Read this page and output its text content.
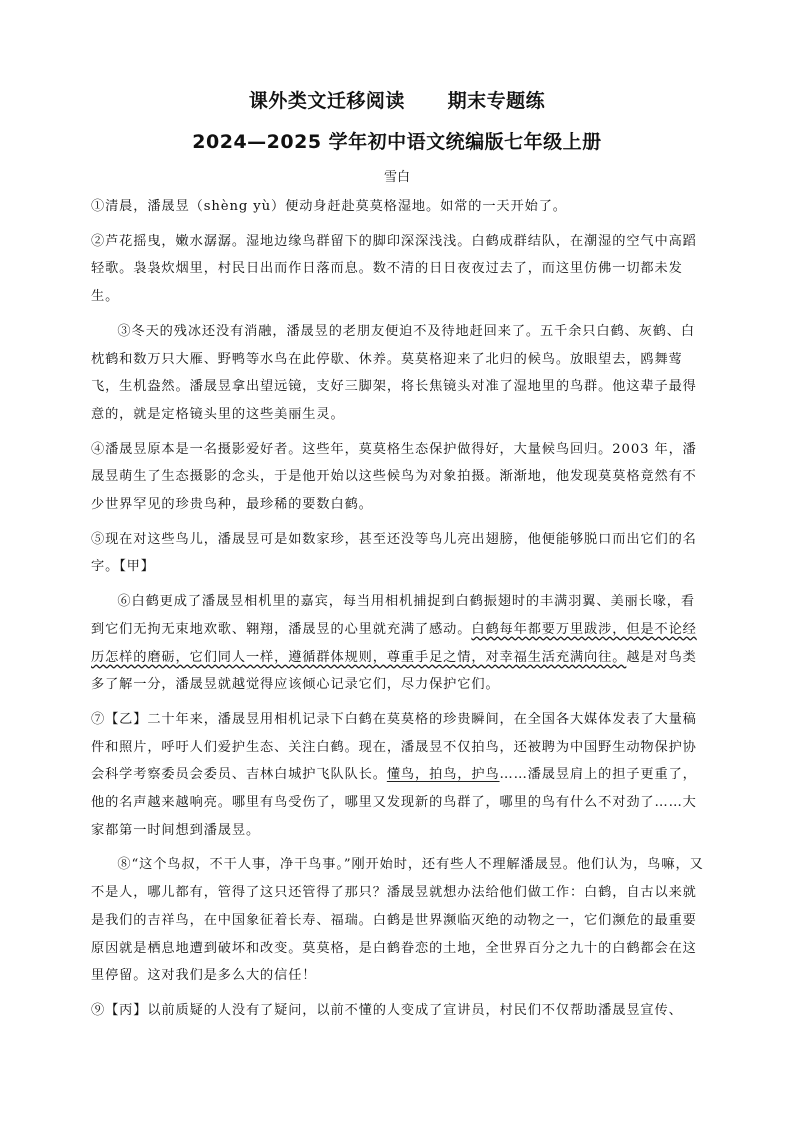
课外类文迁移阅读      期末专题练
2024—2025 学年初中语文统编版七年级上册
雪白

①清晨，潘晟昱（shèng yù）便动身赶赴莫莫格湿地。如常的一天开始了。

②芦花摇曳，嫩水潺潺。湿地边缘鸟群留下的脚印深深浅浅。白鹤成群结队，在潮湿的空气中高蹈轻歌。袅袅炊烟里，村民日出而作日落而息。数不清的日日夜夜过去了，而这里仿佛一切都未发生。

③冬天的残冰还没有消融，潘晟昱的老朋友便迫不及待地赶回来了。五千余只白鹤、灰鹤、白枕鹤和数万只大雁、野鸭等水鸟在此停歇、休养。莫莫格迎来了北归的候鸟。放眼望去，鸥舞莺飞，生机盎然。潘晟昱拿出望远镜，支好三脚架，将长焦镜头对准了湿地里的鸟群。他这辈子最得意的，就是定格镜头里的这些美丽生灵。

④潘晟昱原本是一名摄影爱好者。这些年，莫莫格生态保护做得好，大量候鸟回归。2003 年，潘晟昱萌生了生态摄影的念头，于是他开始以这些候鸟为对象拍摄。渐渐地，他发现莫莫格竟然有不少世界罕见的珍贵鸟种，最珍稀的要数白鹤。

⑤现在对这些鸟儿，潘晟昱可是如数家珍，甚至还没等鸟儿亮出翅膀，他便能够脱口而出它们的名字。【甲】

⑥白鹤更成了潘晟昱相机里的嘉宾，每当用相机捕捉到白鹤振翅时的丰满羽翼、美丽长喙，看到它们无拘无束地欢歌、翱翔，潘晟昱的心里就充满了感动。白鹤每年都要万里跋涉，但是不论经历怎样的磨砺，它们同人一样，遵循群体规则，尊重手足之情，对幸福生活充满向往。越是对鸟类多了解一分，潘晟昱就越觉得应该倾心记录它们，尽力保护它们。

⑦【乙】二十年来，潘晟昱用相机记录下白鹤在莫莫格的珍贵瞬间，在全国各大媒体发表了大量稿件和照片，呼吁人们爱护生态、关注白鹤。现在，潘晟昱不仅拍鸟，还被聘为中国野生动物保护协会科学考察委员会委员、吉林白城护飞队队长。懂鸟，拍鸟，护鸟……潘晟昱肩上的担子更重了，他的名声越来越响亮。哪里有鸟受伤了，哪里又发现新的鸟群了，哪里的鸟有什么不对劲了……大家都第一时间想到潘晟昱。

⑧“这个鸟叔，不干人事，净干鸟事。”刚开始时，还有些人不理解潘晟昱。他们认为，鸟嘛，又不是人，哪儿都有，管得了这只还管得了那只？潘晟昱就想办法给他们做工作：白鹤，自古以来就是我们的吉祥鸟，在中国象征着长寿、福瑞。白鹤是世界濒临灭绝的动物之一，它们濒危的最重要原因就是栖息地遭到破坏和改变。莫莫格，是白鹤眷恋的土地，全世界百分之九十的白鹤都会在这里停留。这对我们是多么大的信任！

⑨【丙】以前质疑的人没有了疑问，以前不懂的人变成了宣讲员，村民们不仅帮助潘晟昱宣传、
